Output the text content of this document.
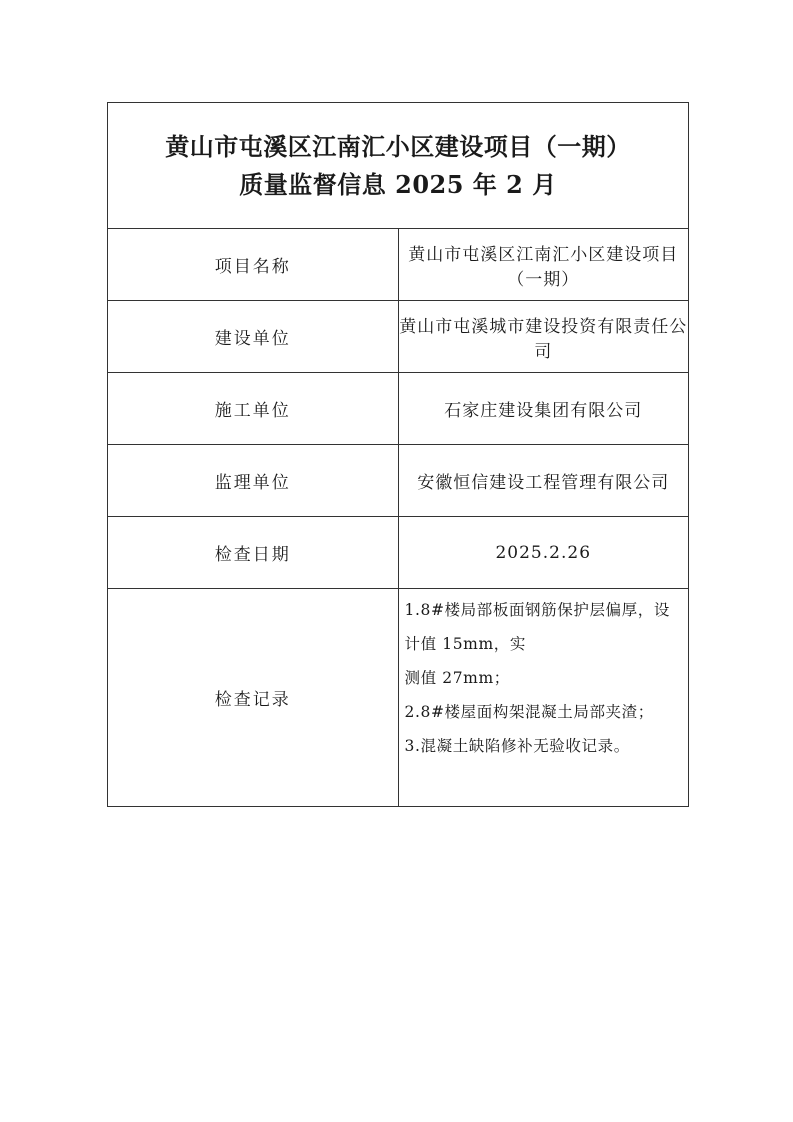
黄山市屯溪区江南汇小区建设项目（一期）
质量监督信息 2025 年 2 月	

项目名称	黄山市屯溪区江南汇小区建设项目（一期）
建设单位	黄山市屯溪城市建设投资有限责任公司
施工单位	石家庄建设集团有限公司
监理单位	安徽恒信建设工程管理有限公司
检查日期	2025.2.26
检查记录	1.8#楼局部板面钢筋保护层偏厚，设计值 15mm，实
测值 27mm；
2.8#楼屋面构架混凝土局部夹渣；
3.混凝土缺陷修补无验收记录。
